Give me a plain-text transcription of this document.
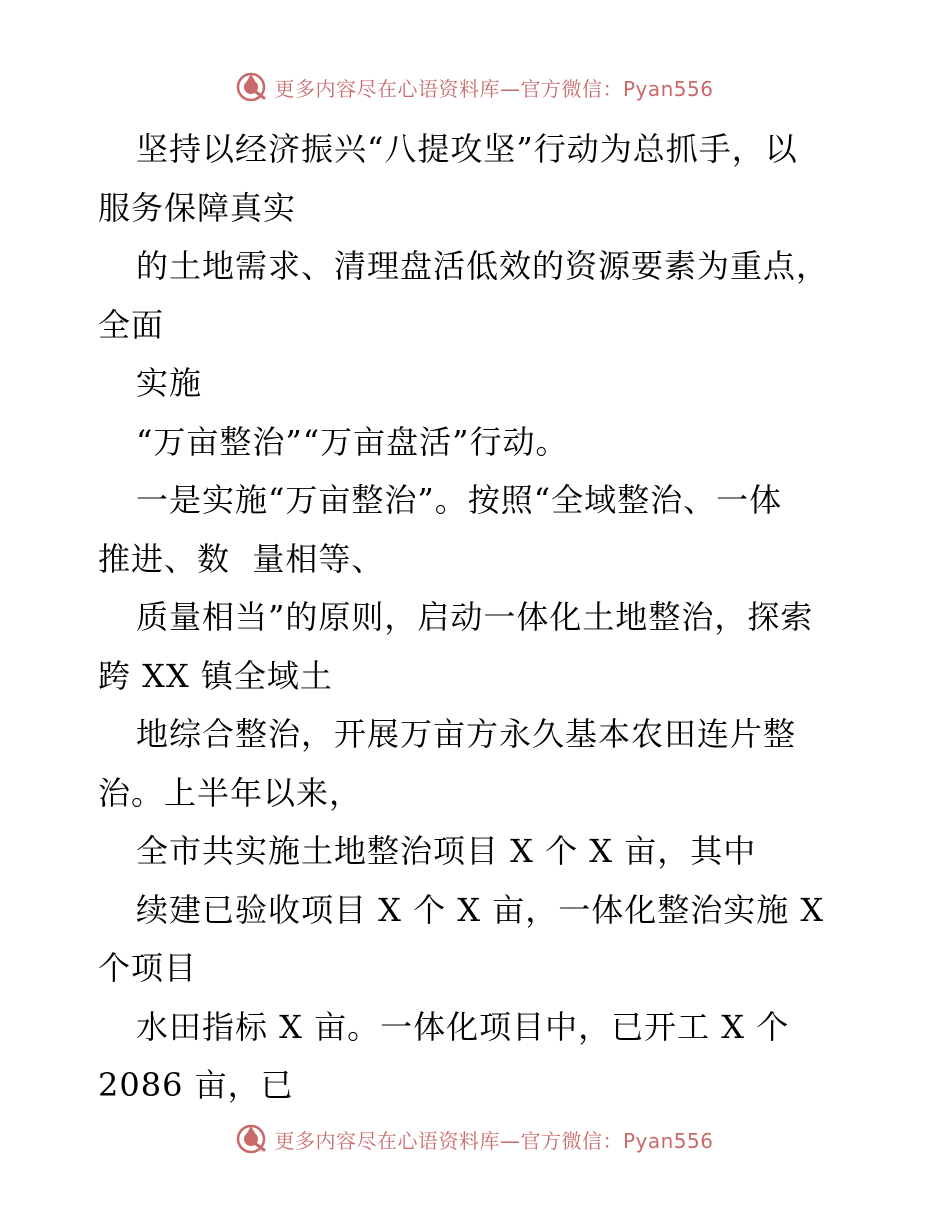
更多内容尽在心语资料库—官方微信：Pyan556
坚持以经济振兴“八提攻坚”行动为总抓手，以
服务保障真实
的土地需求、清理盘活低效的资源要素为重点，
全面
实施
“万亩整治”“万亩盘活”行动。
一是实施“万亩整治”。按照“全域整治、一体
推进、数  量相等、
质量相当”的原则，启动一体化土地整治，探索
跨 XX 镇全域土
地综合整治，开展万亩方永久基本农田连片整
治。上半年以来，
全市共实施土地整治项目 X 个 X 亩，其中
续建已验收项目 X 个 X 亩，一体化整治实施 X
个项目
水田指标 X 亩。一体化项目中，已开工 X 个
2086 亩，已
更多内容尽在心语资料库—官方微信：Pyan556
